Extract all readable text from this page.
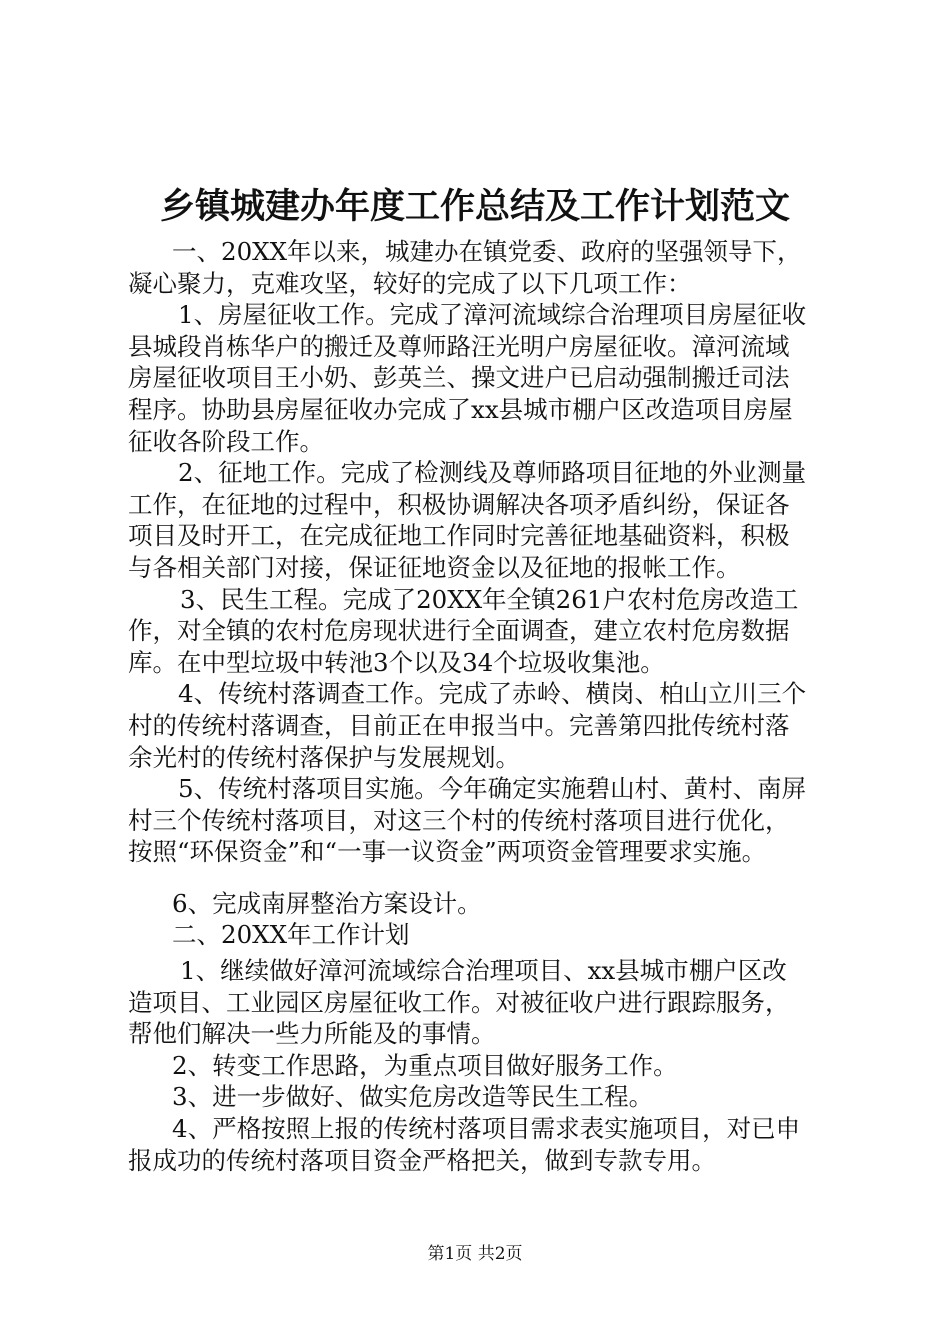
乡镇城建办年度工作总结及工作计划范文
一、20XX年以来，城建办在镇党委、政府的坚强领导下，
凝心聚力，克难攻坚，较好的完成了以下几项工作：
1、房屋征收工作。完成了漳河流域综合治理项目房屋征收
县城段肖栋华户的搬迁及尊师路汪光明户房屋征收。漳河流域
房屋征收项目王小奶、彭英兰、操文进户已启动强制搬迁司法
程序。协助县房屋征收办完成了xx县城市棚户区改造项目房屋
征收各阶段工作。
2、征地工作。完成了检测线及尊师路项目征地的外业测量
工作，在征地的过程中，积极协调解决各项矛盾纠纷，保证各
项目及时开工，在完成征地工作同时完善征地基础资料，积极
与各相关部门对接，保证征地资金以及征地的报帐工作。
3、民生工程。完成了20XX年全镇261户农村危房改造工
作，对全镇的农村危房现状进行全面调查，建立农村危房数据
库。在中型垃圾中转池3个以及34个垃圾收集池。
4、传统村落调查工作。完成了赤岭、横岗、柏山立川三个
村的传统村落调查，目前正在申报当中。完善第四批传统村落
余光村的传统村落保护与发展规划。
5、传统村落项目实施。今年确定实施碧山村、黄村、南屏
村三个传统村落项目，对这三个村的传统村落项目进行优化，
按照“环保资金”和“一事一议资金”两项资金管理要求实施。
6、完成南屏整治方案设计。
二、20XX年工作计划
1、继续做好漳河流域综合治理项目、xx县城市棚户区改
造项目、工业园区房屋征收工作。对被征收户进行跟踪服务，
帮他们解决一些力所能及的事情。
2、转变工作思路，为重点项目做好服务工作。
3、进一步做好、做实危房改造等民生工程。
4、严格按照上报的传统村落项目需求表实施项目，对已申
报成功的传统村落项目资金严格把关，做到专款专用。
第1页 共2页
